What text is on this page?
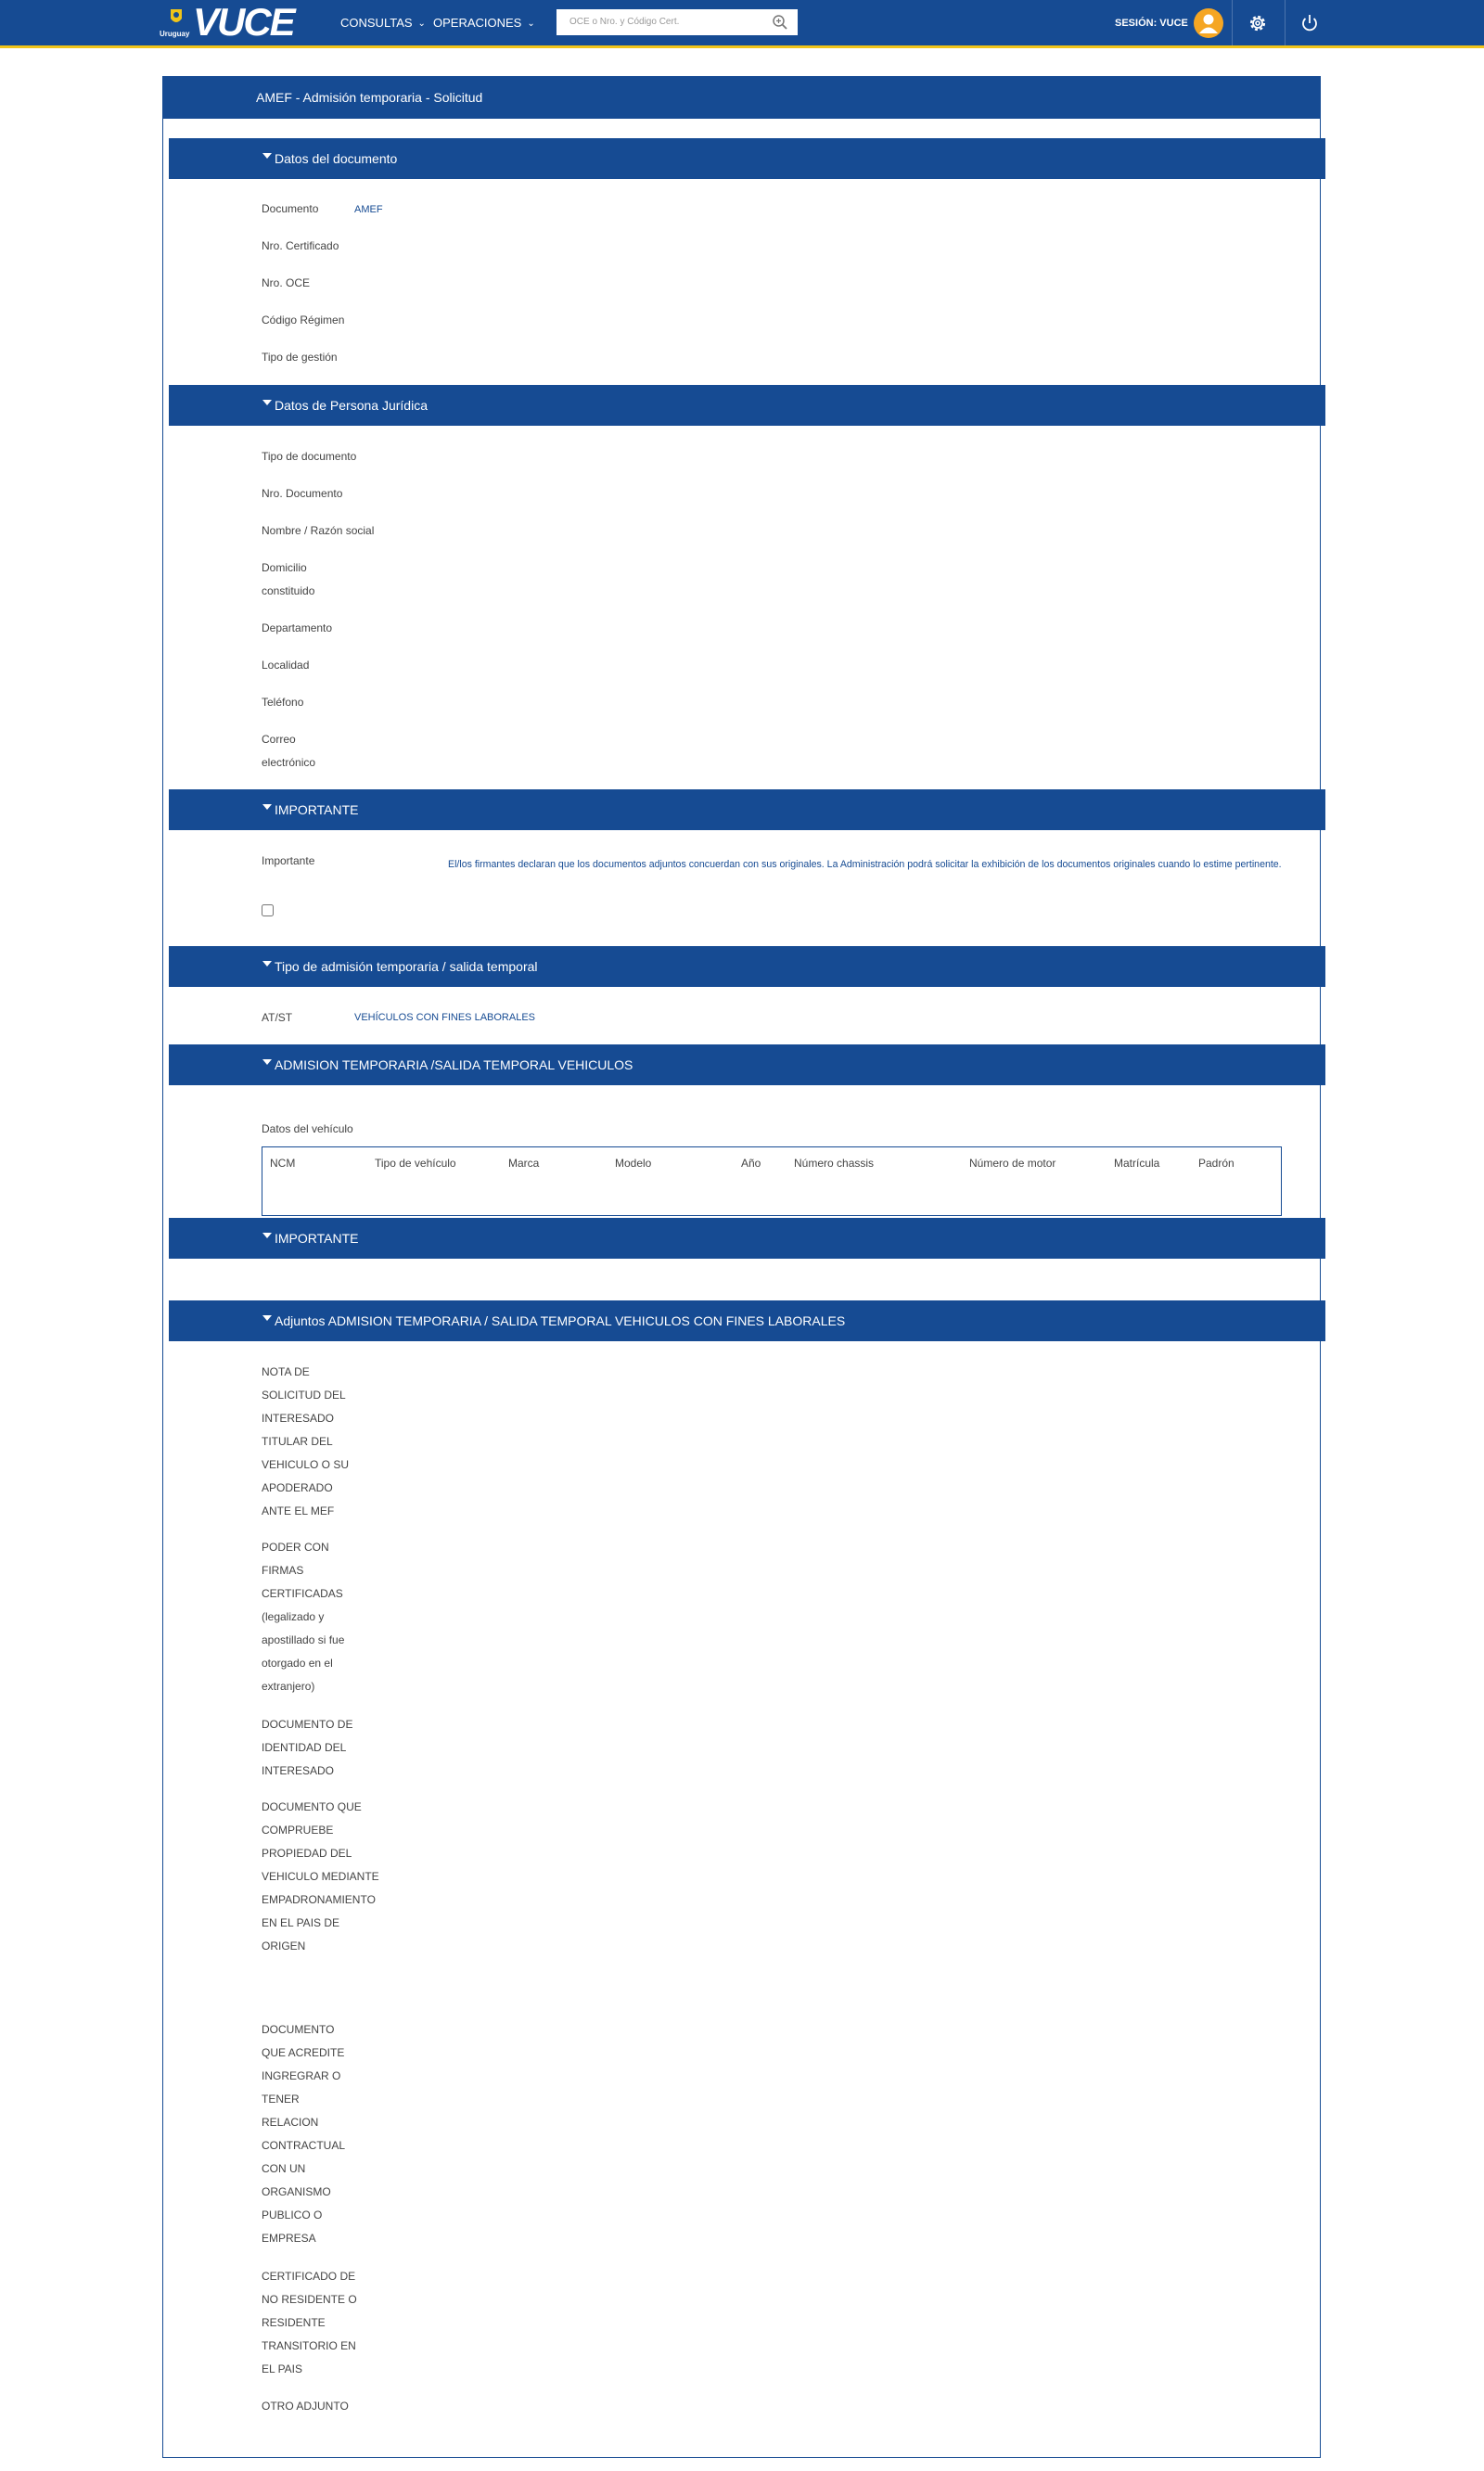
Uruguay VUCE	CONSULTAS ⌄ OPERACIONES ⌄
OCE o Nro. y Código Cert.	SESIÓN: VUCE
AMEF - Admisión temporaria - Solicitud
Datos del documento
Documento	AMEF
Nro. Certificado
Nro. OCE
Código Régimen
Tipo de gestión
Datos de Persona Jurídica
Tipo de documento
Nro. Documento
Nombre / Razón social
Domicilio constituido
Departamento
Localidad
Teléfono
Correo electrónico
IMPORTANTE
Importante	El/los firmantes declaran que los documentos adjuntos concuerdan con sus originales. La Administración podrá solicitar la exhibición de los documentos originales cuando lo estime pertinente.
Tipo de admisión temporaria / salida temporal
AT/ST	VEHÍCULOS CON FINES LABORALES
ADMISION TEMPORARIA /SALIDA TEMPORAL VEHICULOS
Datos del vehículo
NCM	Tipo de vehículo	Marca	Modelo	Año	Número chassis	Número de motor	Matrícula	Padrón
IMPORTANTE
Adjuntos ADMISION TEMPORARIA / SALIDA TEMPORAL VEHICULOS CON FINES LABORALES
NOTA DE SOLICITUD DEL INTERESADO TITULAR DEL VEHICULO O SU APODERADO ANTE EL MEF
PODER CON FIRMAS CERTIFICADAS (legalizado y apostillado si fue otorgado en el extranjero)
DOCUMENTO DE IDENTIDAD DEL INTERESADO
DOCUMENTO QUE COMPRUEBE PROPIEDAD DEL VEHICULO MEDIANTE EMPADRONAMIENTO EN EL PAIS DE ORIGEN
DOCUMENTO QUE ACREDITE INGREGRAR O TENER RELACION CONTRACTUAL CON UN ORGANISMO PUBLICO O EMPRESA
CERTIFICADO DE NO RESIDENTE O RESIDENTE TRANSITORIO EN EL PAIS
OTRO ADJUNTO
